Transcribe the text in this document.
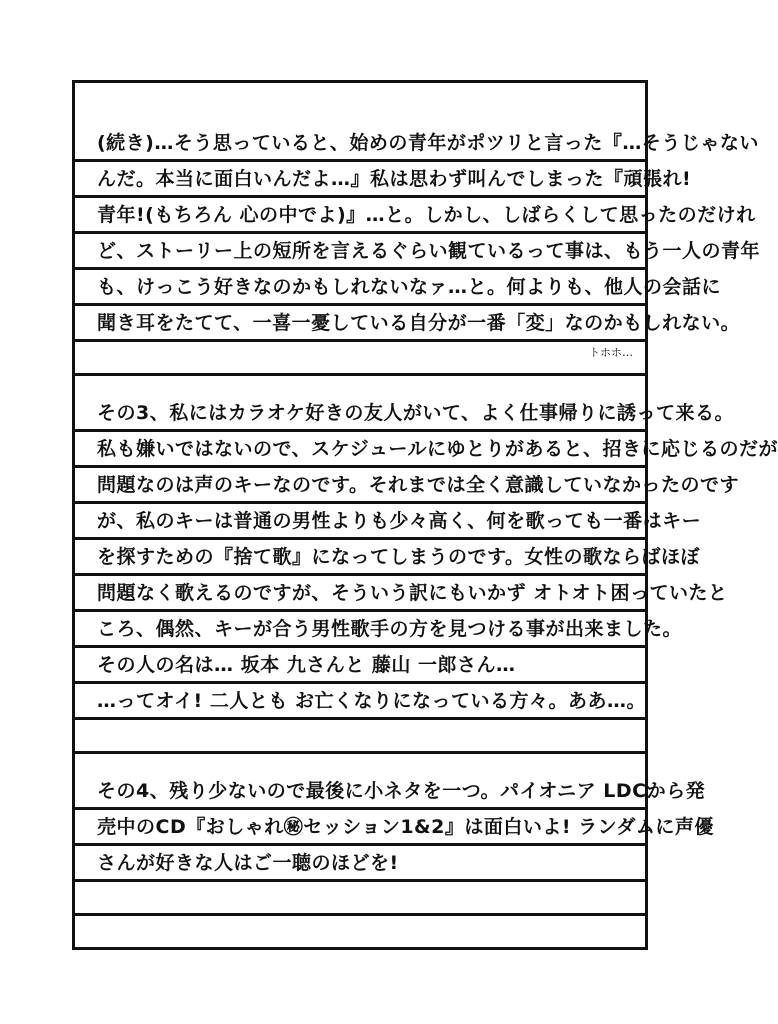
(続き)…そう思っていると、始めの青年がポツリと言った『…そうじゃない
んだ。本当に面白いんだよ…』私は思わず叫んでしまった『頑張れ!
青年!(もちろん 心の中でよ)』…と。しかし、しばらくして思ったのだけれ
ど、ストーリー上の短所を言えるぐらい観ているって事は、もう一人の青年
も、けっこう好きなのかもしれないなァ…と。何よりも、他人の会話に
聞き耳をたてて、一喜一憂している自分が一番「変」なのかもしれない。
トホホ…
その3、私にはカラオケ好きの友人がいて、よく仕事帰りに誘って来る。
私も嫌いではないので、スケジュールにゆとりがあると、招きに応じるのだが
問題なのは声のキーなのです。それまでは全く意識していなかったのです
が、私のキーは普通の男性よりも少々高く、何を歌っても一番はキー
を探すための『捨て歌』になってしまうのです。女性の歌ならばほぼ
問題なく歌えるのですが、そういう訳にもいかず オトオト困っていたと
ころ、偶然、キーが合う男性歌手の方を見つける事が出来ました。
その人の名は… 坂本 九さんと 藤山 一郎さん…
…ってオイ! 二人とも お亡くなりになっている方々。ああ…。
その4、残り少ないので最後に小ネタを一つ。パイオニア LDCから発
売中のCD『おしゃれ㊙セッション1&2』は面白いよ! ランダムに声優
さんが好きな人はご一聴のほどを!
